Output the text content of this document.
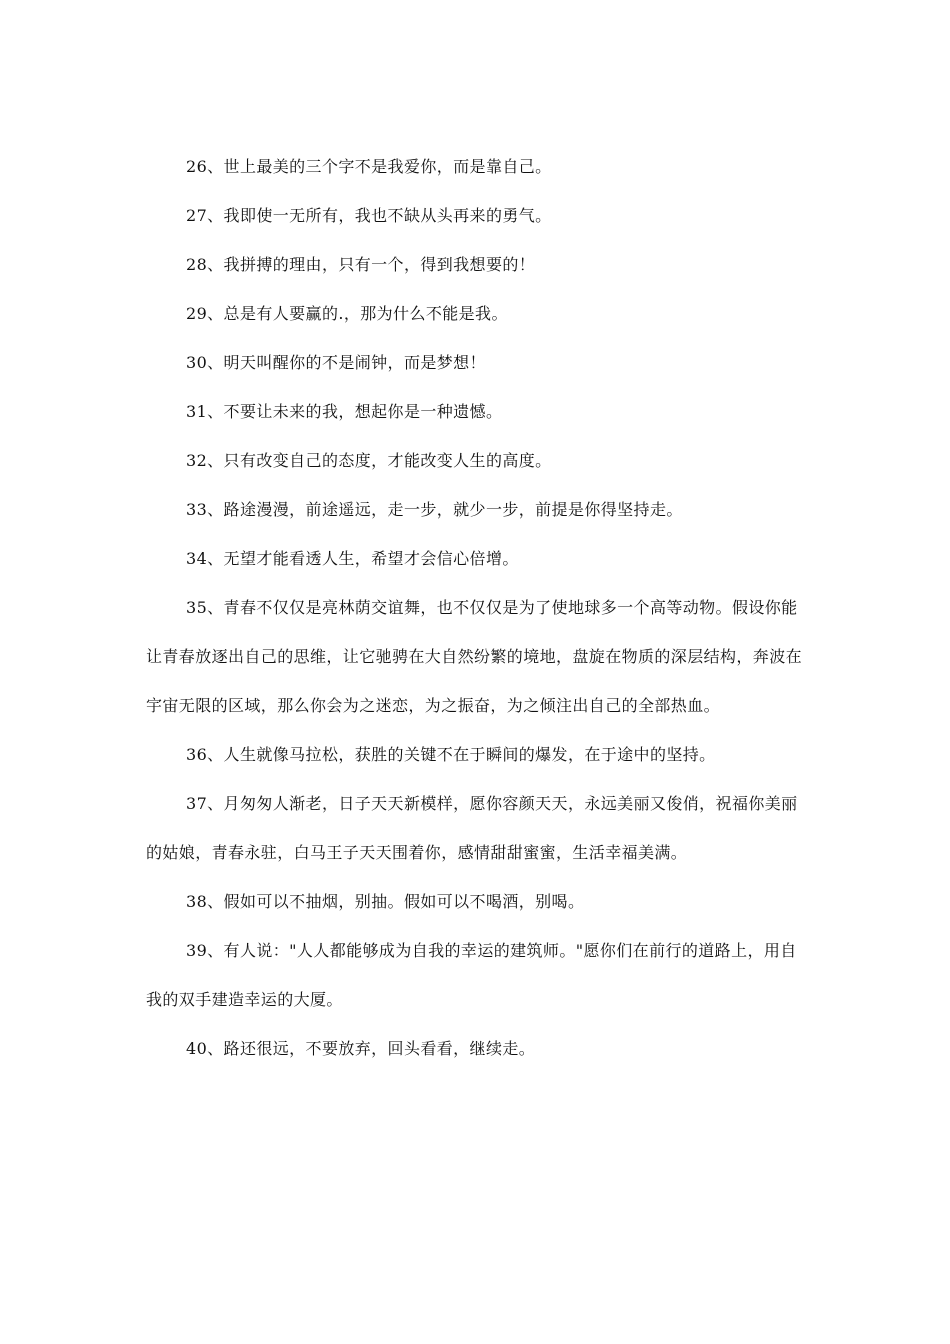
26、世上最美的三个字不是我爱你，而是靠自己。

27、我即使一无所有，我也不缺从头再来的勇气。

28、我拼搏的理由，只有一个，得到我想要的！

29、总是有人要赢的.，那为什么不能是我。

30、明天叫醒你的不是闹钟，而是梦想！

31、不要让未来的我，想起你是一种遗憾。

32、只有改变自己的态度，才能改变人生的高度。

33、路途漫漫，前途遥远，走一步，就少一步，前提是你得坚持走。

34、无望才能看透人生，希望才会信心倍增。

35、青春不仅仅是亮林荫交谊舞，也不仅仅是为了使地球多一个高等动物。假设你能让青春放逐出自己的思维，让它驰骋在大自然纷繁的境地，盘旋在物质的深层结构，奔波在宇宙无限的区域，那么你会为之迷恋，为之振奋，为之倾注出自己的全部热血。

36、人生就像马拉松，获胜的关键不在于瞬间的爆发，在于途中的坚持。

37、月匆匆人渐老，日子天天新模样，愿你容颜天天，永远美丽又俊俏，祝福你美丽的姑娘，青春永驻，白马王子天天围着你，感情甜甜蜜蜜，生活幸福美满。

38、假如可以不抽烟，别抽。假如可以不喝酒，别喝。

39、有人说："人人都能够成为自我的幸运的建筑师。"愿你们在前行的道路上，用自我的双手建造幸运的大厦。

40、路还很远，不要放弃，回头看看，继续走。
